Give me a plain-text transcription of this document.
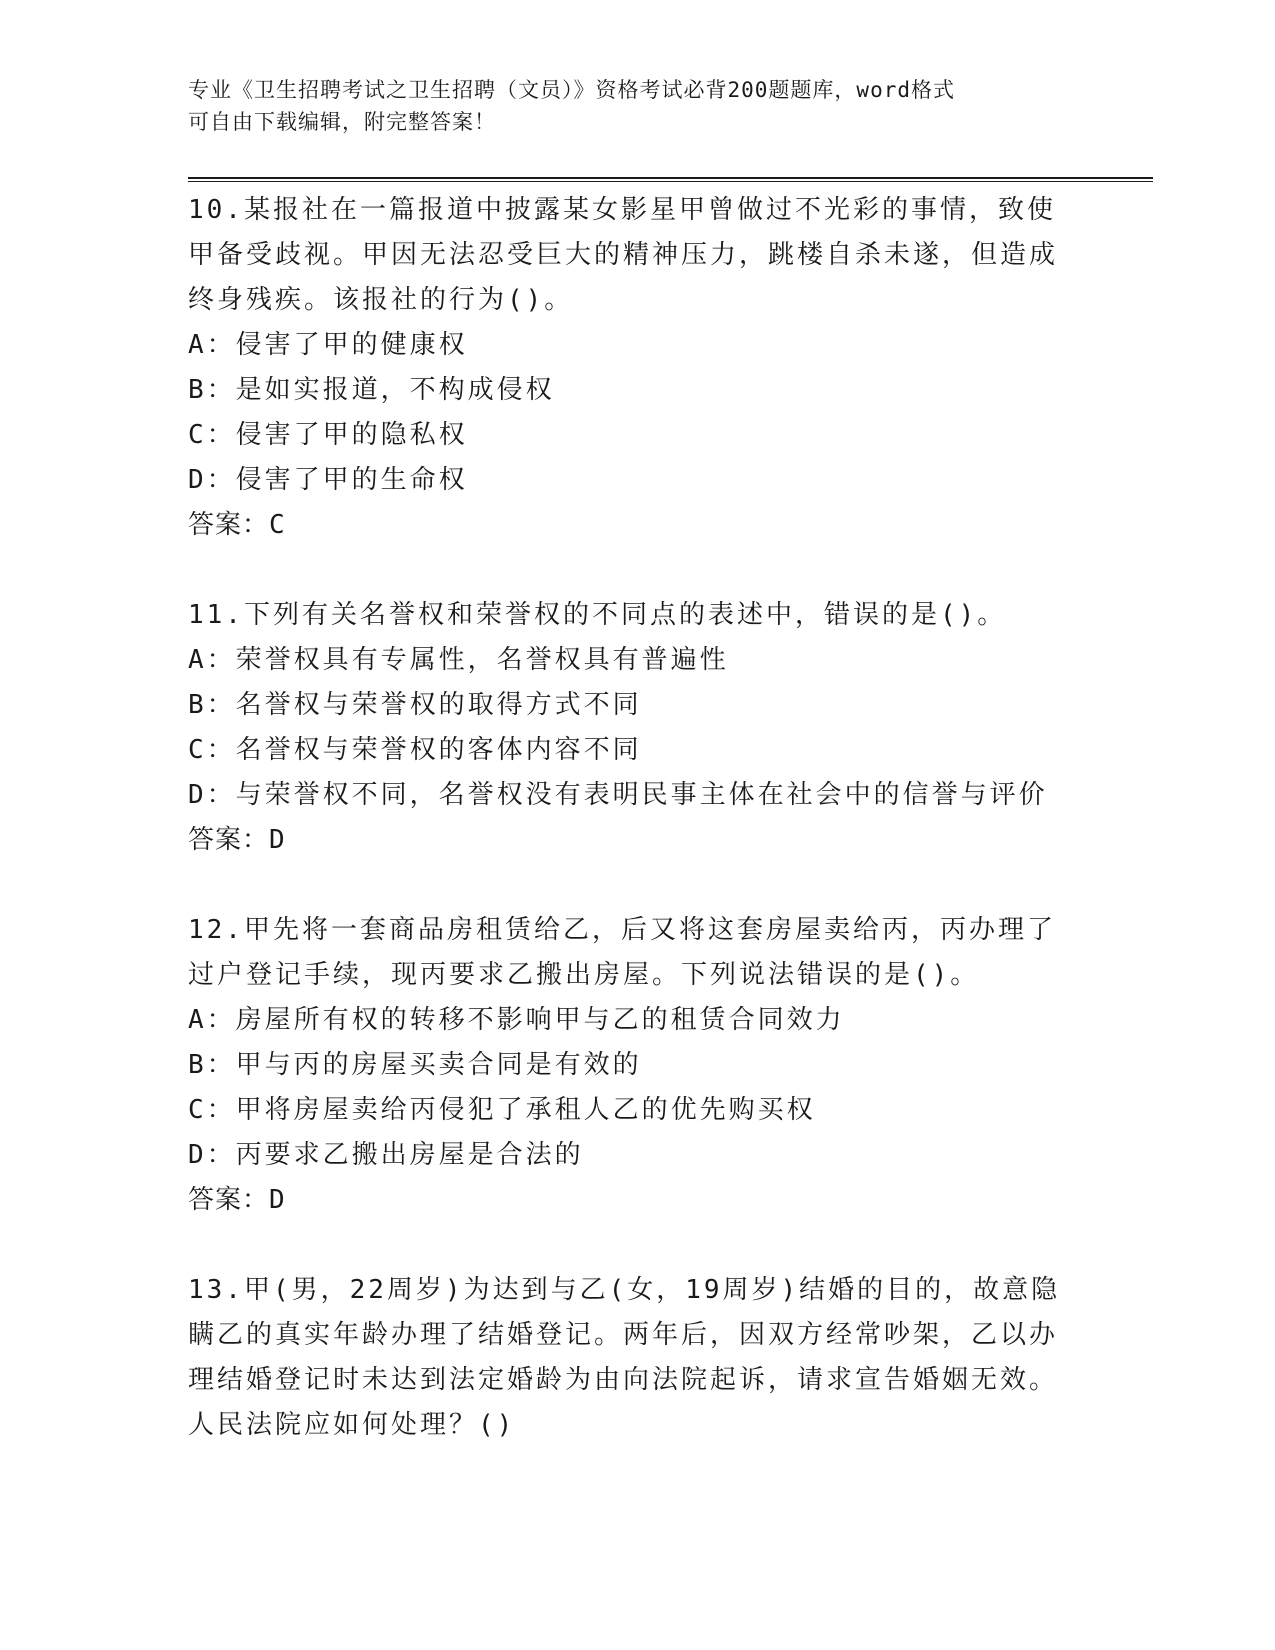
专业《卫生招聘考试之卫生招聘（文员）》资格考试必背200题题库，word格式
可自由下载编辑，附完整答案！

10.某报社在一篇报道中披露某女影星甲曾做过不光彩的事情，致使甲备受歧视。甲因无法忍受巨大的精神压力，跳楼自杀未遂，但造成终身残疾。该报社的行为()。

A：侵害了甲的健康权

B：是如实报道，不构成侵权

C：侵害了甲的隐私权

D：侵害了甲的生命权

答案：C

11.下列有关名誉权和荣誉权的不同点的表述中，错误的是()。

A：荣誉权具有专属性，名誉权具有普遍性

B：名誉权与荣誉权的取得方式不同

C：名誉权与荣誉权的客体内容不同

D：与荣誉权不同，名誉权没有表明民事主体在社会中的信誉与评价

答案：D

12.甲先将一套商品房租赁给乙，后又将这套房屋卖给丙，丙办理了过户登记手续，现丙要求乙搬出房屋。下列说法错误的是()。

A：房屋所有权的转移不影响甲与乙的租赁合同效力

B：甲与丙的房屋买卖合同是有效的

C：甲将房屋卖给丙侵犯了承租人乙的优先购买权

D：丙要求乙搬出房屋是合法的

答案：D

13.甲(男，22周岁)为达到与乙(女，19周岁)结婚的目的，故意隐瞒乙的真实年龄办理了结婚登记。两年后，因双方经常吵架，乙以办理结婚登记时未达到法定婚龄为由向法院起诉，请求宣告婚姻无效。人民法院应如何处理？()
